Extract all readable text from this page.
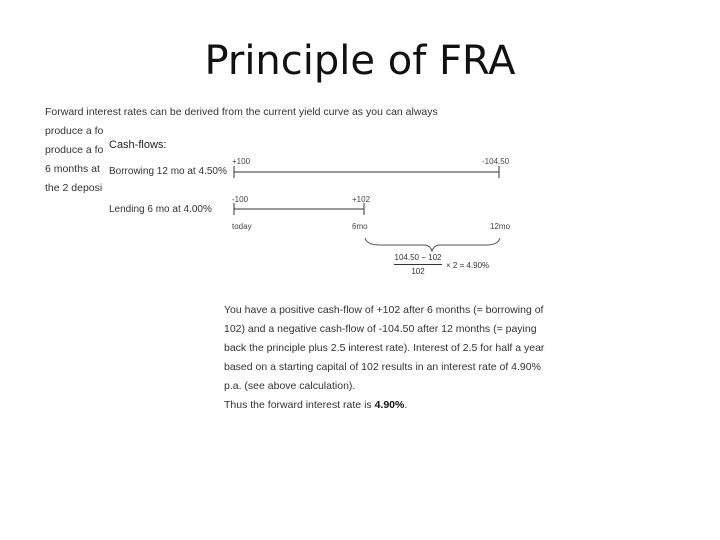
Principle of FRA
Forward interest rates can be derived from the current yield curve as you can always
produce a fo
produce a fo
6 months at
the 2 deposi
Cash-flows:
Borrowing 12 mo at 4.50%
Lending 6 mo at 4.00%
+100	-104.50
-100	+102
today	6mo	12mo
104.50 − 102
102
× 2 = 4.90%
You have a positive cash-flow of +102 after 6 months (= borrowing of
102) and a negative cash-flow of -104.50 after 12 months (= paying
back the principle plus 2.5 interest rate). Interest of 2.5 for half a year
based on a starting capital of 102 results in an interest rate of 4.90%
p.a. (see above calculation).
Thus the forward interest rate is 4.90%.
